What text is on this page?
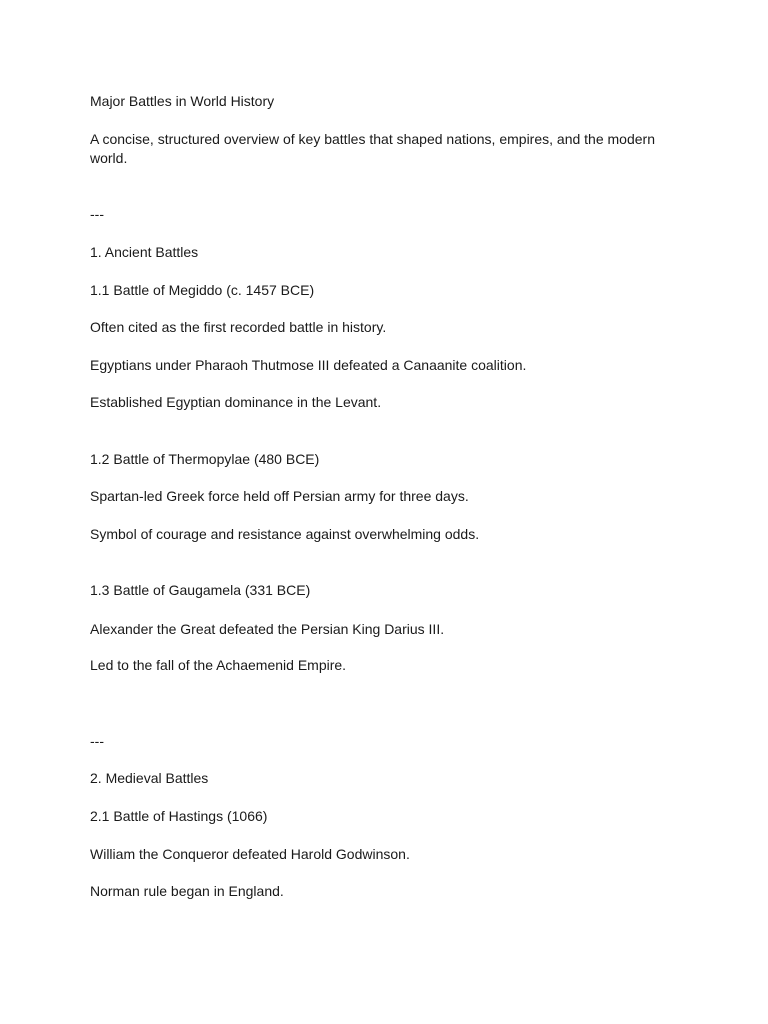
Major Battles in World History
A concise, structured overview of key battles that shaped nations, empires, and the modern world.
---
1. Ancient Battles
1.1 Battle of Megiddo (c. 1457 BCE)
Often cited as the first recorded battle in history.
Egyptians under Pharaoh Thutmose III defeated a Canaanite coalition.
Established Egyptian dominance in the Levant.
1.2 Battle of Thermopylae (480 BCE)
Spartan-led Greek force held off Persian army for three days.
Symbol of courage and resistance against overwhelming odds.
1.3 Battle of Gaugamela (331 BCE)
Alexander the Great defeated the Persian King Darius III.
Led to the fall of the Achaemenid Empire.
---
2. Medieval Battles
2.1 Battle of Hastings (1066)
William the Conqueror defeated Harold Godwinson.
Norman rule began in England.
